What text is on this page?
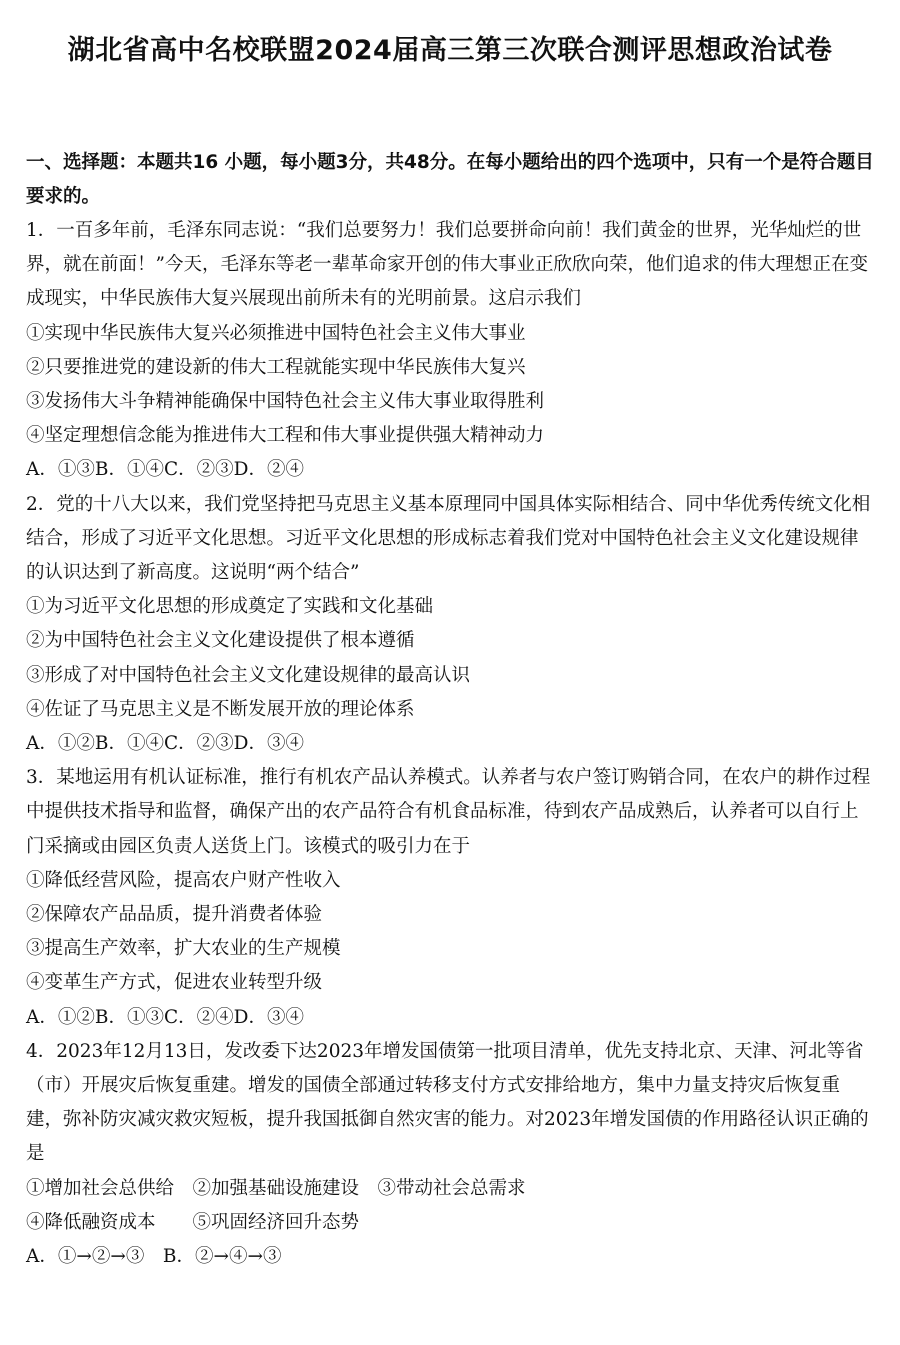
湖北省高中名校联盟2024届高三第三次联合测评思想政治试卷

一、选择题：本题共16 小题，每小题3分，共48分。在每小题给出的四个选项中，只有一个是符合题目要求的。

1．一百多年前，毛泽东同志说：“我们总要努力！我们总要拼命向前！我们黄金的世界，光华灿烂的世界，就在前面！”今天，毛泽东等老一辈革命家开创的伟大事业正欣欣向荣，他们追求的伟大理想正在变成现实，中华民族伟大复兴展现出前所未有的光明前景。这启示我们

①实现中华民族伟大复兴必须推进中国特色社会主义伟大事业

②只要推进党的建设新的伟大工程就能实现中华民族伟大复兴

③发扬伟大斗争精神能确保中国特色社会主义伟大事业取得胜利

④坚定理想信念能为推进伟大工程和伟大事业提供强大精神动力

A．①③B．①④C．②③D．②④

2．党的十八大以来，我们党坚持把马克思主义基本原理同中国具体实际相结合、同中华优秀传统文化相结合，形成了习近平文化思想。习近平文化思想的形成标志着我们党对中国特色社会主义文化建设规律的认识达到了新高度。这说明“两个结合”

①为习近平文化思想的形成奠定了实践和文化基础

②为中国特色社会主义文化建设提供了根本遵循

③形成了对中国特色社会主义文化建设规律的最高认识

④佐证了马克思主义是不断发展开放的理论体系

A．①②B．①④C．②③D．③④

3．某地运用有机认证标准，推行有机农产品认养模式。认养者与农户签订购销合同，在农户的耕作过程中提供技术指导和监督，确保产出的农产品符合有机食品标准，待到农产品成熟后，认养者可以自行上门采摘或由园区负责人送货上门。该模式的吸引力在于

①降低经营风险，提高农户财产性收入

②保障农产品品质，提升消费者体验

③提高生产效率，扩大农业的生产规模

④变革生产方式，促进农业转型升级

A．①②B．①③C．②④D．③④

4．2023年12月13日，发改委下达2023年增发国债第一批项目清单，优先支持北京、天津、河北等省（市）开展灾后恢复重建。增发的国债全部通过转移支付方式安排给地方，集中力量支持灾后恢复重建，弥补防灾减灾救灾短板，提升我国抵御自然灾害的能力。对2023年增发国债的作用路径认识正确的是

①增加社会总供给　②加强基础设施建设　③带动社会总需求

④降低融资成本　　⑤巩固经济回升态势

A．①→②→③　B．②→④→③
